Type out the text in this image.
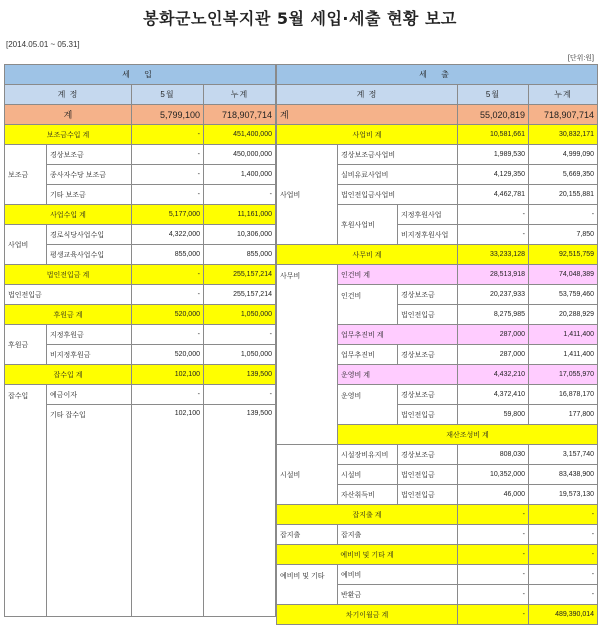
봉화군노인복지관 5월 세입·세출 현황 보고
[2014.05.01 ~ 05.31]
[단위:원]
세 입			
계 정		5월	누계
계		5,799,100	718,907,714
보조금수입 계		-	451,400,000
보조금	경상보조금	-	450,000,000
	종사자수당 보조금	-	1,400,000
	기타 보조금	-	-
사업수입 계		5,177,000	11,161,000
사업비	경로식당사업수입	4,322,000	10,306,000
	평생교육사업수입	855,000	855,000
법인전입금 계		-	255,157,214
법인전입금		-	255,157,214
후원금 계		520,000	1,050,000
후원금	지정후원금	-	-
	비지정후원금	520,000	1,050,000
잡수입 계		102,100	139,500
잡수입	예금이자	-	-
	기타 잡수입	102,100	139,500
세 출					
계 정			5월	누계	
계			55,020,819	718,907,714	
사업비 계			10,581,661	30,832,171	
사업비	경상보조금사업비		1,989,530	4,999,090	
	실비유료사업비		4,129,350	5,669,350	
	법인전입금사업비		4,462,781	20,155,881	
	후원사업비	지정후원사업	-	-	
		비지정후원사업	-	7,850	
사무비 계			33,233,128	92,515,759	
사무비	인건비 계		28,513,918	74,048,389	
	인건비	경상보조금	20,237,933	53,759,460	
		법인전입금	8,275,985	20,288,929	
	업무추진비 계		287,000	1,411,400	
	업무추진비	경상보조금	287,000	1,411,400	
	운영비 계		4,432,210	17,055,970	
	운영비	경상보조금	4,372,410	16,878,170	
		법인전입금	59,800	177,800	
	재산조성비 계		
시설비	시설장비유지비	경상보조금	808,030	3,157,740	
	시설비	법인전입금	10,352,000	83,438,900	
	자산취득비	법인전입금	46,000	19,573,130	
잡지출 계			-	-	
잡지출	잡지출		-	-	
예비비 및 기타 계			-	-	
예비비 및 기타	예비비		-	-	
	반환금		-	-	
차기이월금 계			-	489,390,014	
